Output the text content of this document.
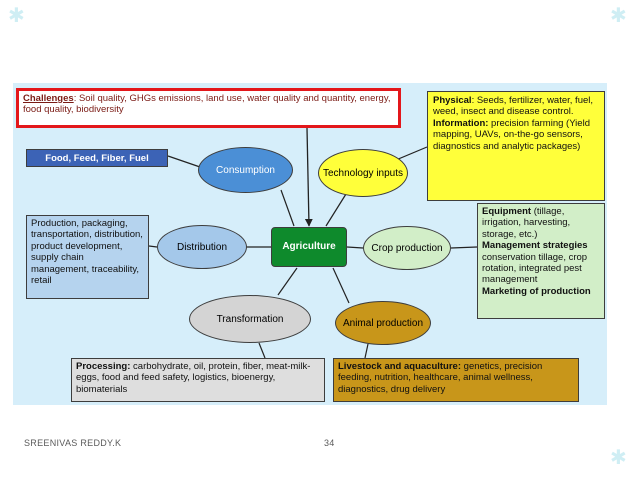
✱	✱
✱
Challenges: Soil quality, GHGs emissions, land use, water quality and quantity, energy, food quality, biodiversity
Food, Feed, Fiber, Fuel
Physical: Seeds, fertilizer, water, fuel, weed, insect and disease control.
Information: precision farming (Yield mapping, UAVs, on-the-go sensors, diagnostics and analytic packages)
Production, packaging, transportation, distribution, product development, supply chain management, traceability, retail
Equipment (tillage, irrigation, harvesting, storage, etc.)
Management strategies
conservation tillage, crop rotation, integrated pest management
Marketing of production
Processing: carbohydrate, oil, protein, fiber, meat-milk-eggs, food and feed safety, logistics, bioenergy, biomaterials
Livestock and aquaculture: genetics, precision feeding, nutrition, healthcare, animal wellness, diagnostics, drug delivery
Consumption	Technology inputs
Distribution	Agriculture	Crop production
Transformation	Animal production
SREENIVAS REDDY.K	34
